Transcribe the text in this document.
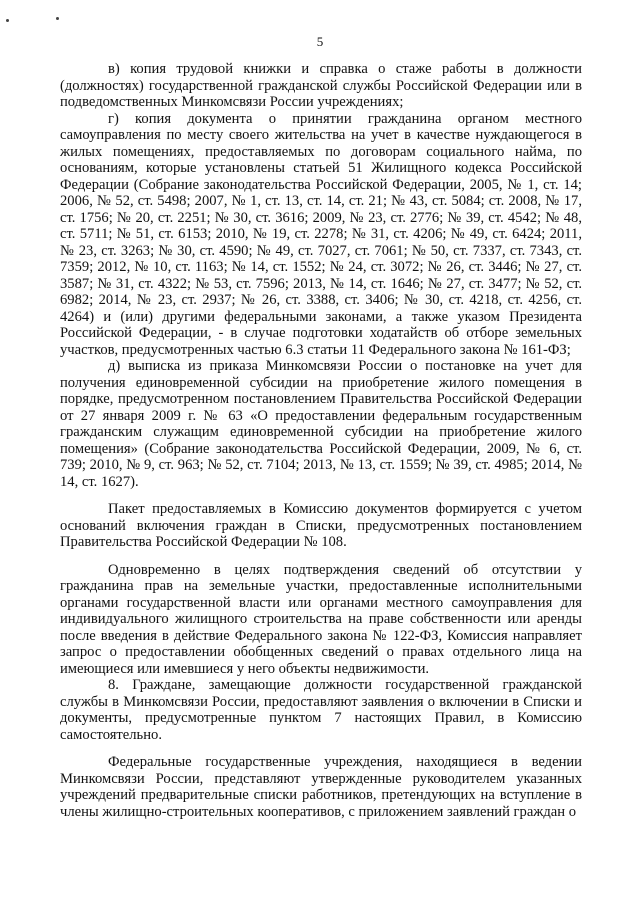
5

в) копия трудовой книжки и справка о стаже работы в должности (должностях) государственной гражданской службы Российской Федерации или в подведомственных Минкомсвязи России учреждениях;

г) копия документа о принятии гражданина органом местного самоуправления по месту своего жительства на учет в качестве нуждающегося в жилых помещениях, предоставляемых по договорам социального найма, по основаниям, которые установлены статьей 51 Жилищного кодекса Российской Федерации (Собрание законодательства Российской Федерации, 2005, № 1, ст. 14; 2006, № 52, ст. 5498; 2007, № 1, ст. 13, ст. 14, ст. 21; № 43, ст. 5084; ст. 2008, № 17, ст. 1756; № 20, ст. 2251; № 30, ст. 3616; 2009, № 23, ст. 2776; № 39, ст. 4542; № 48, ст. 5711; № 51, ст. 6153; 2010, № 19, ст. 2278; № 31, ст. 4206; № 49, ст. 6424; 2011, № 23, ст. 3263; № 30, ст. 4590; № 49, ст. 7027, ст. 7061; № 50, ст. 7337, ст. 7343, ст. 7359; 2012, № 10, ст. 1163; № 14, ст. 1552; № 24, ст. 3072; № 26, ст. 3446; № 27, ст. 3587; № 31, ст. 4322; № 53, ст. 7596; 2013, № 14, ст. 1646; № 27, ст. 3477; № 52, ст. 6982; 2014, № 23, ст. 2937; № 26, ст. 3388, ст. 3406; № 30, ст. 4218, ст. 4256, ст. 4264) и (или) другими федеральными законами, а также указом Президента Российской Федерации, - в случае подготовки ходатайств об отборе земельных участков, предусмотренных частью 6.3 статьи 11 Федерального закона № 161-ФЗ;

д) выписка из приказа Минкомсвязи России о постановке на учет для получения единовременной субсидии на приобретение жилого помещения в порядке, предусмотренном постановлением Правительства Российской Федерации от 27 января 2009 г. № 63 «О предоставлении федеральным государственным гражданским служащим единовременной субсидии на приобретение жилого помещения» (Собрание законодательства Российской Федерации, 2009, № 6, ст. 739; 2010, № 9, ст. 963; № 52, ст. 7104; 2013, № 13, ст. 1559; № 39, ст. 4985; 2014, № 14, ст. 1627).

Пакет предоставляемых в Комиссию документов формируется с учетом оснований включения граждан в Списки, предусмотренных постановлением Правительства Российской Федерации № 108.

Одновременно в целях подтверждения сведений об отсутствии у гражданина прав на земельные участки, предоставленные исполнительными органами государственной власти или органами местного самоуправления для индивидуального жилищного строительства на праве собственности или аренды после введения в действие Федерального закона № 122-ФЗ, Комиссия направляет запрос о предоставлении обобщенных сведений о правах отдельного лица на имеющиеся или имевшиеся у него объекты недвижимости.

8. Граждане, замещающие должности государственной гражданской службы в Минкомсвязи России, предоставляют заявления о включении в Списки и документы, предусмотренные пунктом 7 настоящих Правил, в Комиссию самостоятельно.

Федеральные государственные учреждения, находящиеся в ведении Минкомсвязи России, представляют утвержденные руководителем указанных учреждений предварительные списки работников, претендующих на вступление в члены жилищно-строительных кооперативов, с приложением заявлений граждан о
